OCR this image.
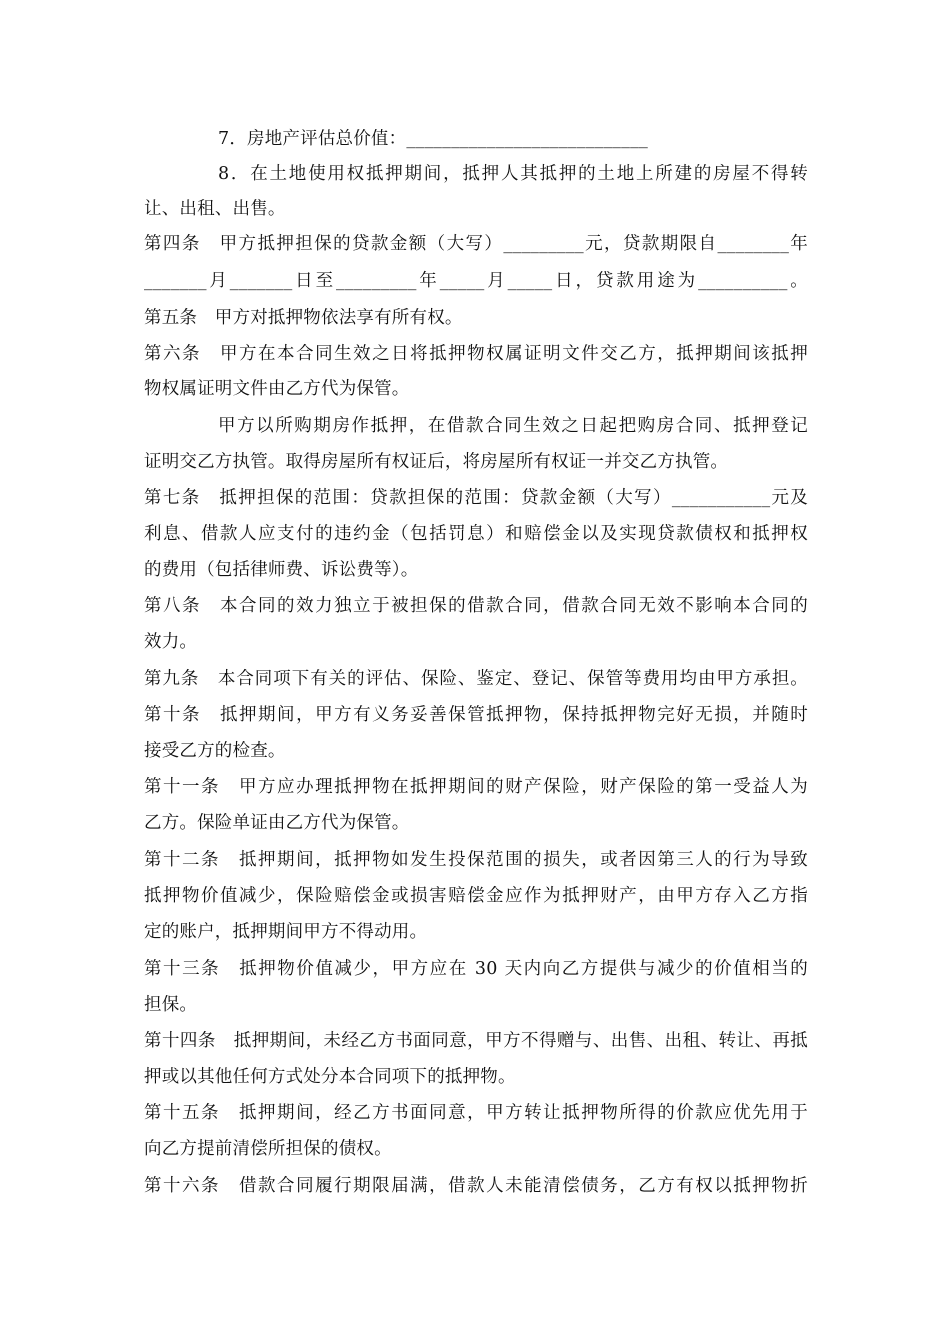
7．房地产评估总价值：___________________________
8．在土地使用权抵押期间，抵押人其抵押的土地上所建的房屋不得转
让、出租、出售。
第四条　甲方抵押担保的贷款金额（大写）_________元，贷款期限自________年
_______月_______日至_________年_____月_____日，贷款用途为__________。
第五条　甲方对抵押物依法享有所有权。
第六条　甲方在本合同生效之日将抵押物权属证明文件交乙方，抵押期间该抵押
物权属证明文件由乙方代为保管。
甲方以所购期房作抵押，在借款合同生效之日起把购房合同、抵押登记
证明交乙方执管。取得房屋所有权证后，将房屋所有权证一并交乙方执管。
第七条　抵押担保的范围：贷款担保的范围：贷款金额（大写）___________元及
利息、借款人应支付的违约金（包括罚息）和赔偿金以及实现贷款债权和抵押权
的费用（包括律师费、诉讼费等）。
第八条　本合同的效力独立于被担保的借款合同，借款合同无效不影响本合同的
效力。
第九条　本合同项下有关的评估、保险、鉴定、登记、保管等费用均由甲方承担。
第十条　抵押期间，甲方有义务妥善保管抵押物，保持抵押物完好无损，并随时
接受乙方的检查。
第十一条　甲方应办理抵押物在抵押期间的财产保险，财产保险的第一受益人为
乙方。保险单证由乙方代为保管。
第十二条　抵押期间，抵押物如发生投保范围的损失，或者因第三人的行为导致
抵押物价值减少，保险赔偿金或损害赔偿金应作为抵押财产，由甲方存入乙方指
定的账户，抵押期间甲方不得动用。
第十三条　抵押物价值减少，甲方应在 30 天内向乙方提供与减少的价值相当的
担保。
第十四条　抵押期间，未经乙方书面同意，甲方不得赠与、出售、出租、转让、再抵
押或以其他任何方式处分本合同项下的抵押物。
第十五条　抵押期间，经乙方书面同意，甲方转让抵押物所得的价款应优先用于
向乙方提前清偿所担保的债权。
第十六条　借款合同履行期限届满，借款人未能清偿债务，乙方有权以抵押物折
